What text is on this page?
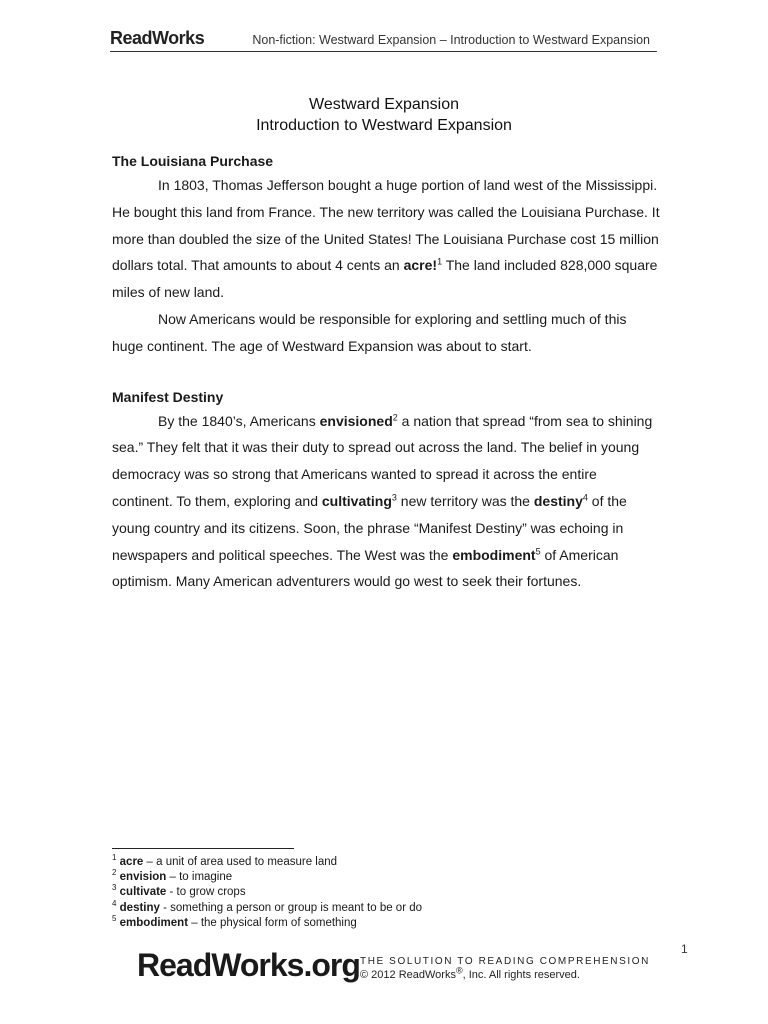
ReadWorks	Non-fiction: Westward Expansion – Introduction to Westward Expansion
Westward Expansion
Introduction to Westward Expansion
The Louisiana Purchase

In 1803, Thomas Jefferson bought a huge portion of land west of the Mississippi. He bought this land from France. The new territory was called the Louisiana Purchase. It more than doubled the size of the United States! The Louisiana Purchase cost 15 million dollars total. That amounts to about 4 cents an acre!$^1$ The land included 828,000 square miles of new land.

Now Americans would be responsible for exploring and settling much of this huge continent. The age of Westward Expansion was about to start.

Manifest Destiny

By the 1840’s, Americans envisioned$^2$ a nation that spread “from sea to shining sea.” They felt that it was their duty to spread out across the land. The belief in young democracy was so strong that Americans wanted to spread it across the entire continent. To them, exploring and cultivating$^3$ new territory was the destiny$^4$ of the young country and its citizens. Soon, the phrase “Manifest Destiny” was echoing in newspapers and political speeches. The West was the embodiment$^5$ of American optimism. Many American adventurers would go west to seek their fortunes.

$^1$ acre – a unit of area used to measure land
$^2$ envision – to imagine
$^3$ cultivate - to grow crops
$^4$ destiny - something a person or group is meant to be or do
$^5$ embodiment – the physical form of something
1
ReadWorks.org THE SOLUTION TO READING COMPREHENSION
© 2012 ReadWorks®, Inc. All rights reserved.
